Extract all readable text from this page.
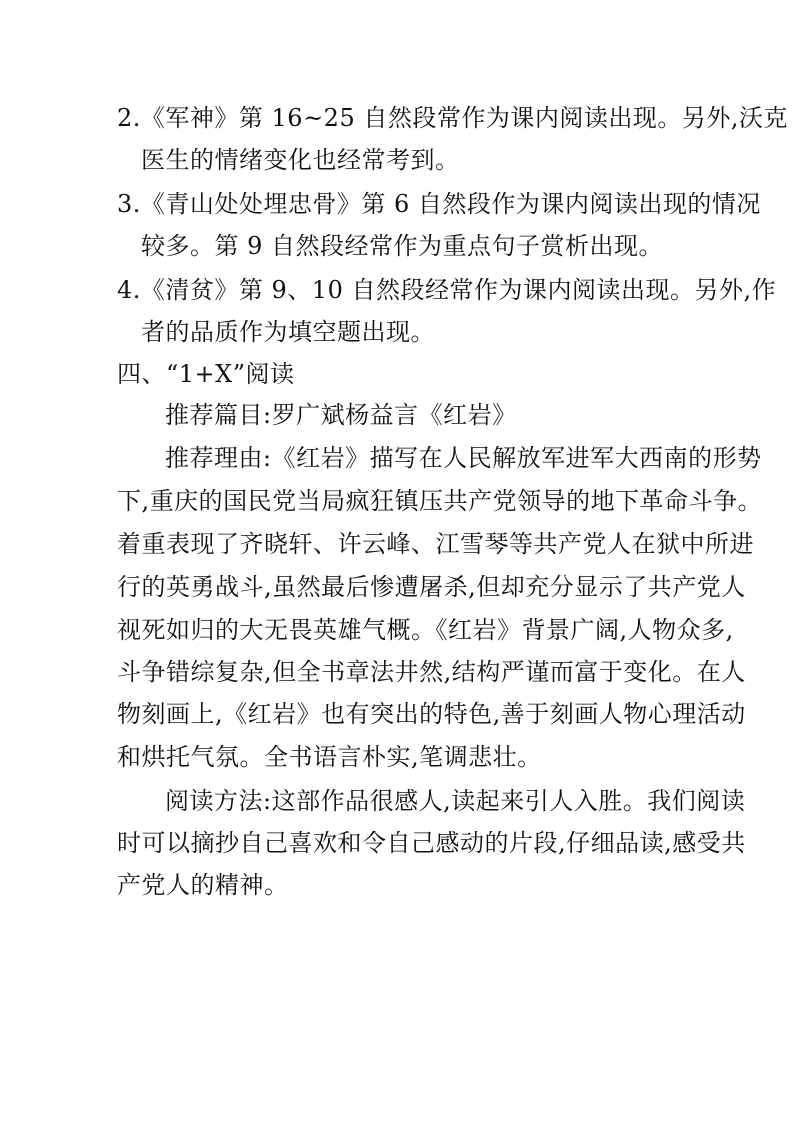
2.《军神》第 16~25 自然段常作为课内阅读出现。另外,沃克
医生的情绪变化也经常考到。
3.《青山处处埋忠骨》第 6 自然段作为课内阅读出现的情况
较多。第 9 自然段经常作为重点句子赏析出现。
4.《清贫》第 9、10 自然段经常作为课内阅读出现。另外,作
者的品质作为填空题出现。
四、“1+X”阅读
推荐篇目:罗广斌杨益言《红岩》
推荐理由:《红岩》描写在人民解放军进军大西南的形势
下,重庆的国民党当局疯狂镇压共产党领导的地下革命斗争。
着重表现了齐晓轩、许云峰、江雪琴等共产党人在狱中所进
行的英勇战斗,虽然最后惨遭屠杀,但却充分显示了共产党人
视死如归的大无畏英雄气概。《红岩》背景广阔,人物众多,
斗争错综复杂,但全书章法井然,结构严谨而富于变化。在人
物刻画上,《红岩》也有突出的特色,善于刻画人物心理活动
和烘托气氛。全书语言朴实,笔调悲壮。
阅读方法:这部作品很感人,读起来引人入胜。我们阅读
时可以摘抄自己喜欢和令自己感动的片段,仔细品读,感受共
产党人的精神。
